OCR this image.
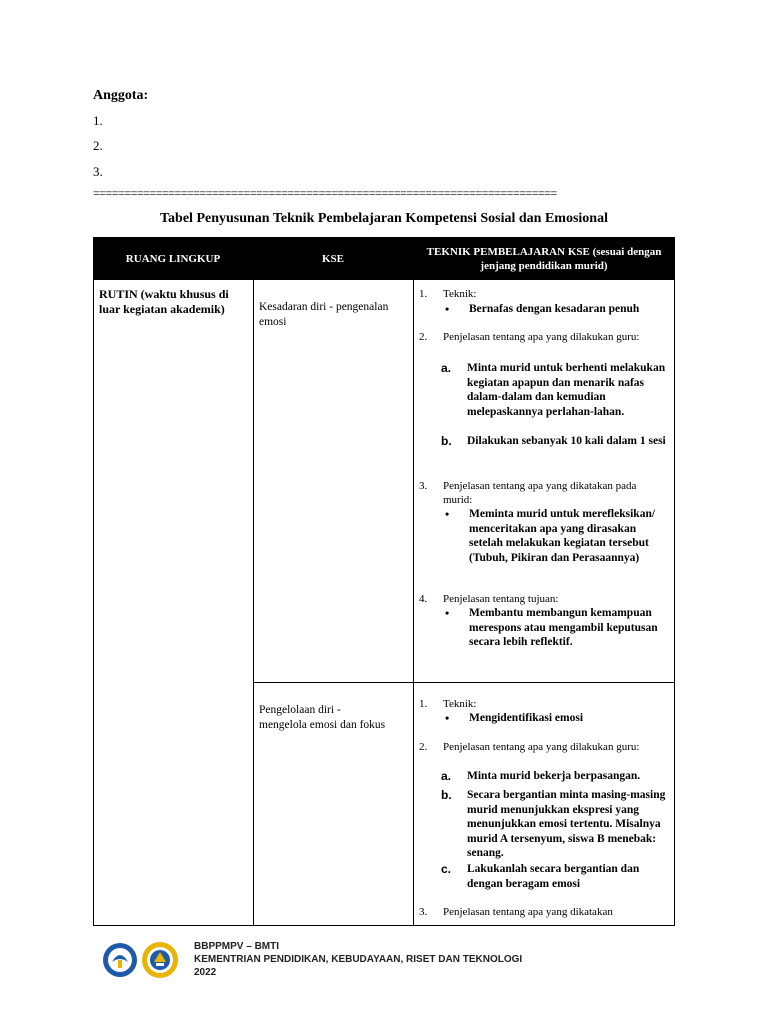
Anggota:
1.
2.
3.
==========================================================================
Tabel Penyusunan Teknik Pembelajaran Kompetensi Sosial dan Emosional
RUANG LINGKUP	KSE
TEKNIK PEMBELAJARAN KSE (sesuai dengan jenjang pendidikan murid)
RUTIN (waktu khusus di luar kegiatan akademik)	Kesadaran diri - pengenalan emosi
1. Teknik:
• Bernafas dengan kesadaran penuh
2. Penjelasan tentang apa yang dilakukan guru:
a. Minta murid untuk berhenti melakukan kegiatan apapun dan menarik nafas dalam-dalam dan kemudian melepaskannya perlahan-lahan.
b. Dilakukan sebanyak 10 kali dalam 1 sesi
3. Penjelasan tentang apa yang dikatakan pada murid:
• Meminta murid untuk merefleksikan/ menceritakan apa yang dirasakan setelah melakukan kegiatan tersebut (Tubuh, Pikiran dan Perasaannya)
4. Penjelasan tentang tujuan:
• Membantu membangun kemampuan merespons atau mengambil keputusan secara lebih reflektif.
Pengelolaan diri - mengelola emosi dan fokus
1. Teknik:
• Mengidentifikasi emosi
2. Penjelasan tentang apa yang dilakukan guru:
a. Minta murid bekerja berpasangan.
b. Secara bergantian minta masing-masing murid menunjukkan ekspresi yang menunjukkan emosi tertentu. Misalnya murid A tersenyum, siswa B menebak: senang.
c. Lakukanlah secara bergantian dan dengan beragam emosi
3. Penjelasan tentang apa yang dikatakan
BBPPMPV – BMTI
KEMENTRIAN PENDIDIKAN, KEBUDAYAAN, RISET DAN TEKNOLOGI
2022
